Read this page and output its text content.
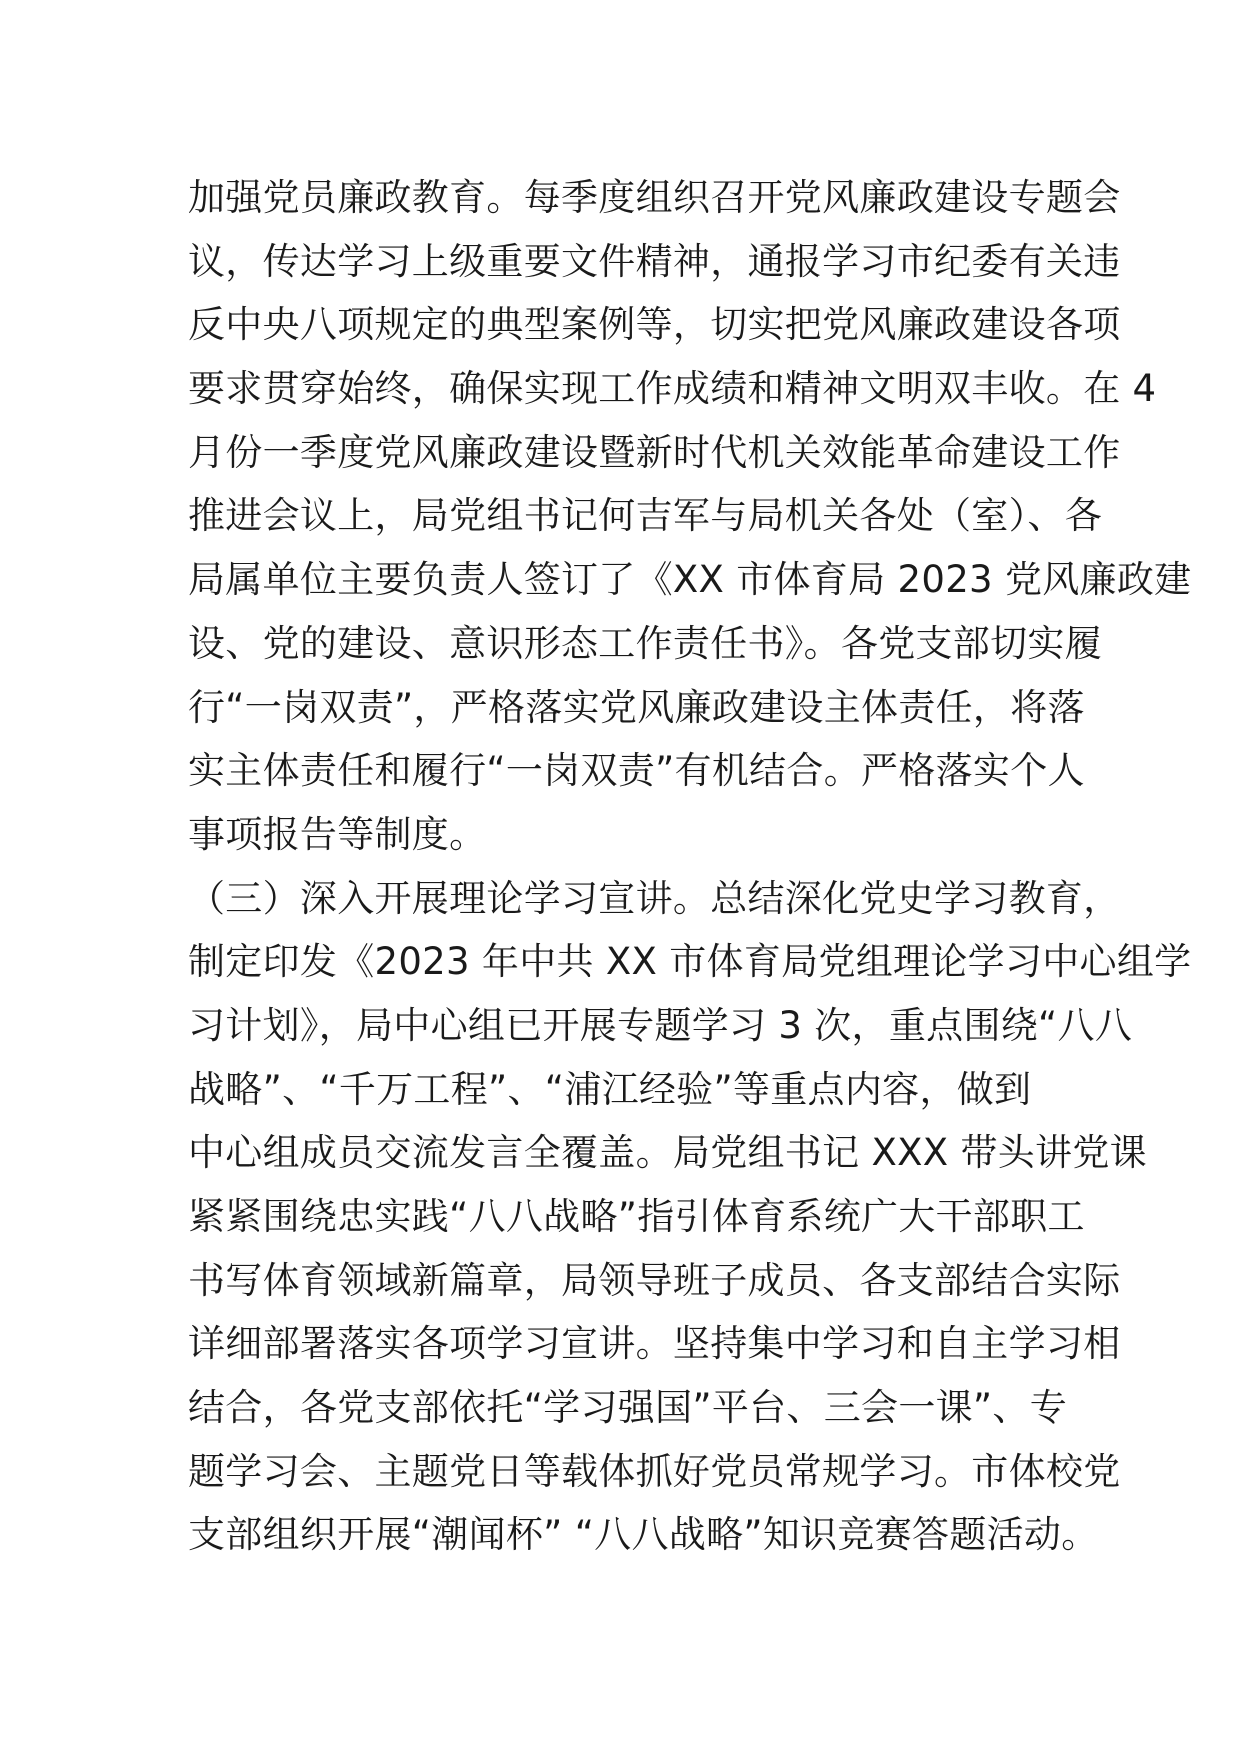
加强党员廉政教育。每季度组织召开党风廉政建设专题会
议，传达学习上级重要文件精神，通报学习市纪委有关违
反中央八项规定的典型案例等，切实把党风廉政建设各项
要求贯穿始终，确保实现工作成绩和精神文明双丰收。在 4
月份一季度党风廉政建设暨新时代机关效能革命建设工作
推进会议上，局党组书记何吉军与局机关各处（室）、各
局属单位主要负责人签订了《XX 市体育局 2023 党风廉政建
设、党的建设、意识形态工作责任书》。各党支部切实履
行“一岗双责”，严格落实党风廉政建设主体责任，将落
实主体责任和履行“一岗双责”有机结合。严格落实个人
事项报告等制度。
（三）深入开展理论学习宣讲。总结深化党史学习教育，
制定印发《2023 年中共 XX 市体育局党组理论学习中心组学
习计划》，局中心组已开展专题学习 3 次，重点围绕“八八
战略”、“千万工程”、“浦江经验”等重点内容，做到
中心组成员交流发言全覆盖。局党组书记 XXX 带头讲党课
紧紧围绕忠实践“八八战略”指引体育系统广大干部职工
书写体育领域新篇章，局领导班子成员、各支部结合实际
详细部署落实各项学习宣讲。坚持集中学习和自主学习相
结合，各党支部依托“学习强国”平台、三会一课”、专
题学习会、主题党日等载体抓好党员常规学习。市体校党
支部组织开展“潮闻杯” “八八战略”知识竞赛答题活动。
